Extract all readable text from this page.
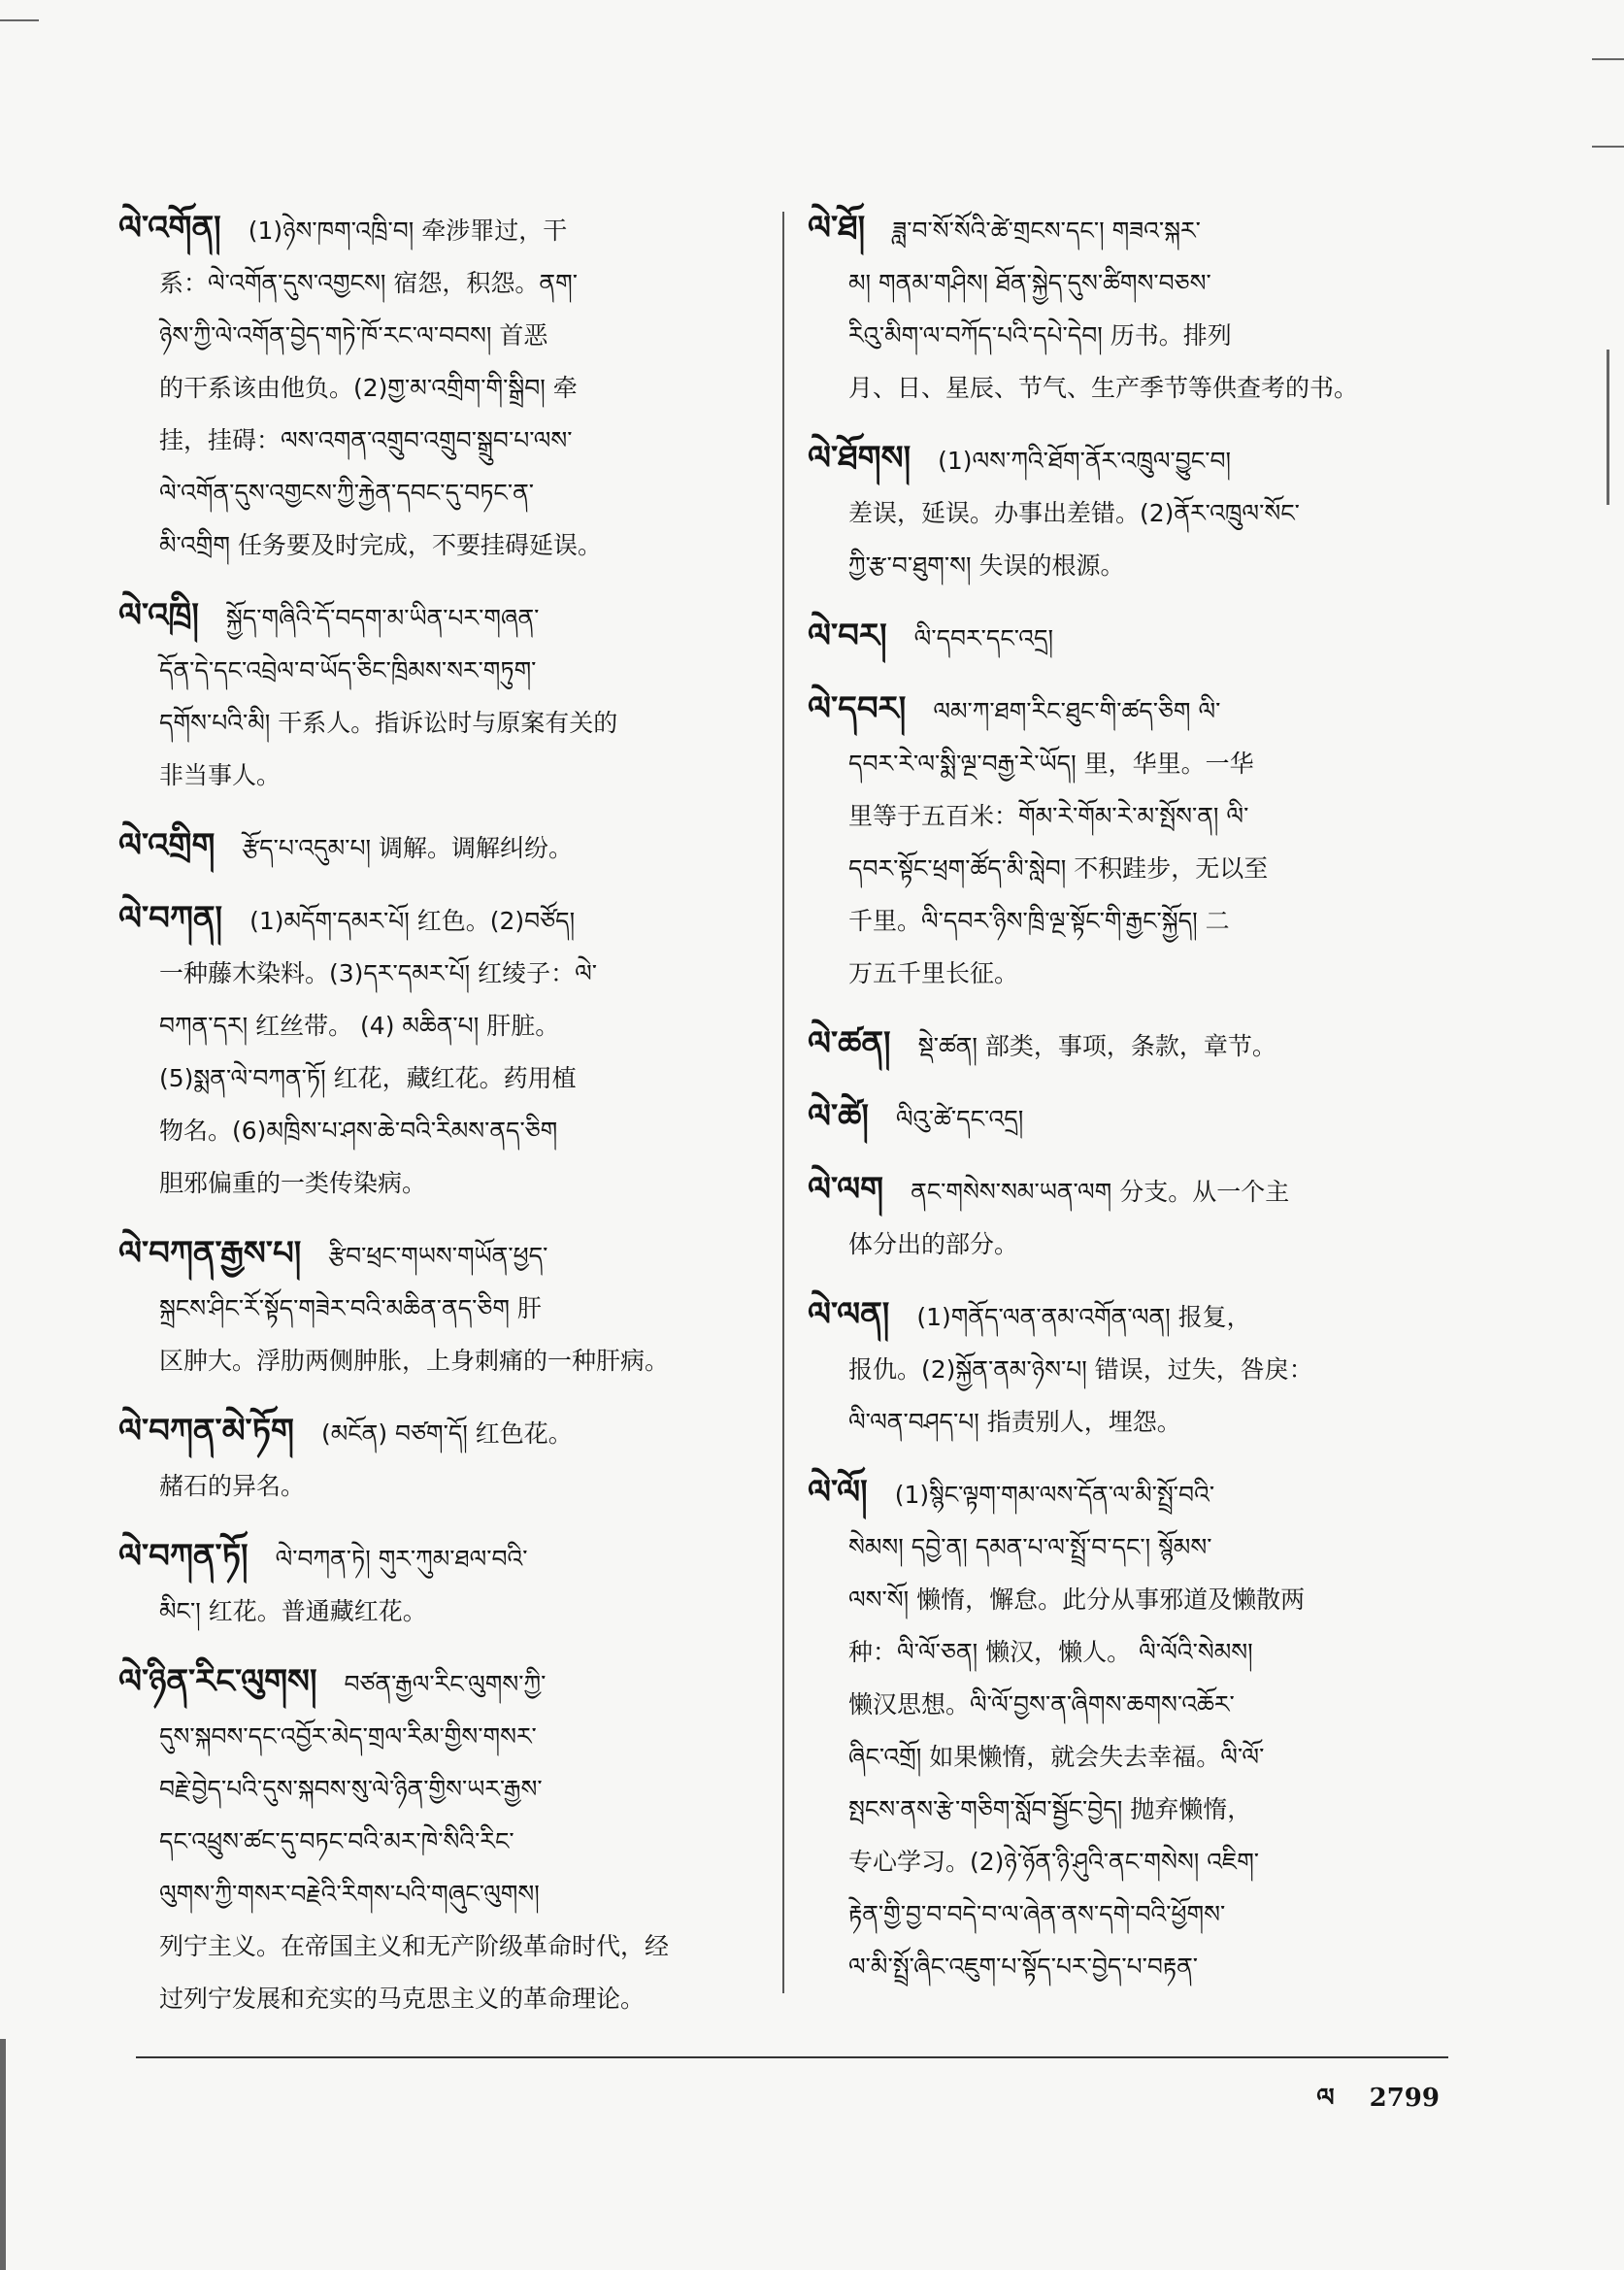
ལེ་འགོན། (1)ཉེས་ཁག་འཁྲི་བ། 牵涉罪过，干
系：ལེ་འགོན་དུས་འགྱངས། 宿怨，积怨。ནག་
ཉེས་ཀྱི་ལེ་འགོན་བྱེད་གཏེ་ཁོ་རང་ལ་བབས། 首恶
的干系该由他负。(2)གྱ་མ་འགྲིག་གི་སྒྲིབ། 牵
挂，挂碍：ལས་འགན་འགྲུབ་འགྲུབ་སྒྲུབ་པ་ལས་
ལེ་འགོན་དུས་འགྱངས་ཀྱི་རྐྱེན་དབང་དུ་བཏང་ན་
མི་འགྲིག 任务要及时完成，不要挂碍延误。
ལེ་འཁྲི། སྐྱོད་གཞིའི་དོ་བདག་མ་ཡིན་པར་གཞན་
དོན་དེ་དང་འབྲེལ་བ་ཡོད་ཅིང་ཁྲིམས་སར་གཏུག་
དགོས་པའི་མི། 干系人。指诉讼时与原案有关的
非当事人。
ལེ་འགྲིག རྩོད་པ་འདུམ་པ། 调解。调解纠纷。
ལེ་བཀན། (1)མདོག་དམར་པོ། 红色。(2)བཙོད།
一种藤木染料。(3)དར་དམར་པོ། 红绫子：ལེ་
བཀན་དར། 红丝带。 (4) མཆིན་པ། 肝脏。
(5)སྨན་ལེ་བཀན་ཏོ། 红花，藏红花。药用植
物名。(6)མཁྲིས་པ་ཤས་ཆེ་བའི་རིམས་ནད་ཅིག
胆邪偏重的一类传染病。
ལེ་བཀན་རྒྱས་པ། རྩིབ་ཕྲང་གཡས་གཡོན་ཕྱད་
སྐྲངས་ཤིང་རོ་སྟོད་གཟེར་བའི་མཆིན་ནད་ཅིག 肝
区肿大。浮肋两侧肿胀，上身刺痛的一种肝病。
ལེ་བཀན་མེ་ཏོག (མངོན) བཙག་དོ། 红色花。
赭石的异名。
ལེ་བཀན་ཏོ། ལེ་བཀན་ཏེ། གུར་ཀུམ་ཐལ་བའི་
མིང་། 红花。普通藏红花。
ལེ་ཉིན་རིང་ལུགས། བཙན་རྒྱལ་རིང་ལུགས་ཀྱི་
དུས་སྐབས་དང་འབྱོར་མེད་གྲལ་རིམ་གྱིས་གསར་
བརྗེ་བྱེད་པའི་དུས་སྐབས་སུ་ལེ་ཉིན་གྱིས་ཡར་རྒྱས་
དང་འཕྲུས་ཚང་དུ་བཏང་བའི་མར་ཁེ་སིའི་རིང་
ལུགས་ཀྱི་གསར་བརྗེའི་རིགས་པའི་གཞུང་ལུགས།
列宁主义。在帝国主义和无产阶级革命时代，经
过列宁发展和充实的马克思主义的革命理论。
ལེ་ཐོ། ཟླ་བ་སོ་སོའི་ཚེ་གྲངས་དང་། གཟའ་སྐར་
མ། གནམ་གཤིས། ཐོན་སྐྱེད་དུས་ཚིགས་བཅས་
རིའུ་མིག་ལ་བཀོད་པའི་དཔེ་དེབ། 历书。排列
月、日、星辰、节气、生产季节等供查考的书。
ལེ་ཐོགས། (1)ལས་ཀའི་ཐོག་ནོར་འཁྲུལ་བྱུང་བ།
差误，延误。办事出差错。(2)ནོར་འཁྲུལ་སོང་
ཀྱི་རྩ་བ་ཐུག་ས། 失误的根源。
ལེ་བར། ལི་དབར་དང་འདྲ།
ལེ་དབར། ལམ་ཀ་ཐག་རིང་ཐུང་གི་ཚད་ཅིག ལི་
དབར་རེ་ལ་སྨི་ལྔ་བརྒྱ་རེ་ཡོད། 里，华里。一华
里等于五百米：གོམ་རེ་གོམ་རེ་མ་སྤོས་ན། ལི་
དབར་སྟོང་ཕྲག་ཚོད་མི་སླེབ། 不积跬步，无以至
千里。ལི་དབར་ཉིས་ཁྲི་ལྔ་སྟོང་གི་རྒྱང་སྐྱོད། 二
万五千里长征。
ལེ་ཚན། སྡེ་ཚན། 部类，事项，条款，章节。
ལེ་ཚེ། ལིའུ་ཚེ་དང་འདྲ།
ལེ་ལག ནང་གསེས་སམ་ཡན་ལག 分支。从一个主
体分出的部分。
ལེ་ལན། (1)གནོད་ལན་ནམ་འགོན་ལན། 报复，
报仇。(2)སྐྱོན་ནམ་ཉེས་པ། 错误，过失，咎戾：
ལི་ལན་བཤད་པ། 指责别人，埋怨。
ལེ་ལོ། (1)སྙིང་ལྟག་གམ་ལས་དོན་ལ་མི་སྤྲོ་བའི་
སེམས། དབྱེ་ན། དམན་པ་ལ་སྤྲོ་བ་དང་། སྙོམས་
ལས་སོ། 懒惰，懈怠。此分从事邪道及懒散两
种：ལི་ལོ་ཅན། 懒汉，懒人。 ལི་ལོའི་སེམས།
懒汉思想。ལི་ལོ་བྱས་ན་ཞིགས་ཆགས་འཆོར་
ཞིང་འགྲོ། 如果懒惰，就会失去幸福。ལི་ལོ་
སྤངས་ནས་རྩེ་གཅིག་སློབ་སྦྱོང་བྱེད། 抛弃懒惰，
专心学习。(2)ཉེ་ཉོན་ཉི་ཤུའི་ནང་གསེས། འཇིག་
རྟེན་གྱི་བྱ་བ་བདེ་བ་ལ་ཞེན་ནས་དགེ་བའི་ཕྱོགས་
ལ་མི་སྤྲོ་ཞིང་འཇུག་པ་སྟོད་པར་བྱེད་པ་བརྟན་
ལ 2799
